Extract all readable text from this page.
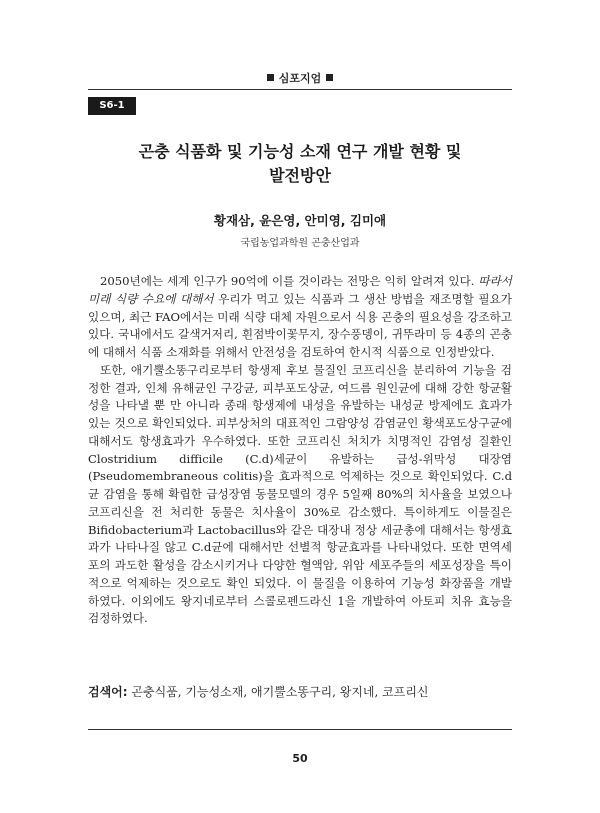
심포지엄
S6-1
곤충 식품화 및 기능성 소재 연구 개발 현황 및
발전방안
황재삼, 윤은영, 안미영, 김미애
국립농업과학원 곤충산업과

2050년에는 세계 인구가 90억에 이를 것이라는 전망은 익히 알려져 있다. 따라서 미래 식량 수요에 대해서 우리가 먹고 있는 식품과 그 생산 방법을 재조명할 필요가 있으며, 최근 FAO에서는 미래 식량 대체 자원으로서 식용 곤충의 필요성을 강조하고 있다. 국내에서도 갈색거저리, 흰점박이꽃무지, 장수풍뎅이, 귀뚜라미 등 4종의 곤충에 대해서 식품 소재화를 위해서 안전성을 검토하여 한시적 식품으로 인정받았다.

또한, 애기뿔소똥구리로부터 항생제 후보 물질인 코프리신을 분리하여 기능을 검정한 결과, 인체 유해균인 구강균, 피부포도상균, 여드름 원인균에 대해 강한 항균활성을 나타낼 뿐 만 아니라 종래 항생제에 내성을 유발하는 내성균 방제에도 효과가 있는 것으로 확인되었다. 피부상처의 대표적인 그람양성 감염균인 황색포도상구균에 대해서도 항생효과가 우수하였다. 또한 코프리신 처치가 치명적인 감염성 질환인 Clostridium difficile (C.d)세균이 유발하는 급성-위막성 대장염(Pseudomembraneous colitis)을 효과적으로 억제하는 것으로 확인되었다. C.d균 감염을 통해 확립한 급성장염 동물모델의 경우 5일째 80%의 치사율을 보였으나 코프리신을 전 처리한 동물은 치사율이 30%로 감소했다. 특이하게도 이물질은 Bifidobacterium과 Lactobacillus와 같은 대장내 정상 세균총에 대해서는 항생효과가 나타나질 않고 C.d균에 대해서만 선별적 항균효과를 나타내었다. 또한 면역세포의 과도한 활성을 감소시키거나 다양한 혈액암, 위암 세포주들의 세포성장을 특이적으로 억제하는 것으로도 확인 되었다. 이 물질을 이용하여 기능성 화장품을 개발 하였다. 이외에도 왕지네로부터 스콜로펜드라신 1을 개발하여 아토피 치유 효능을 검정하였다.

검색어: 곤충식품, 기능성소재, 애기뿔소똥구리, 왕지네, 코프리신
50
